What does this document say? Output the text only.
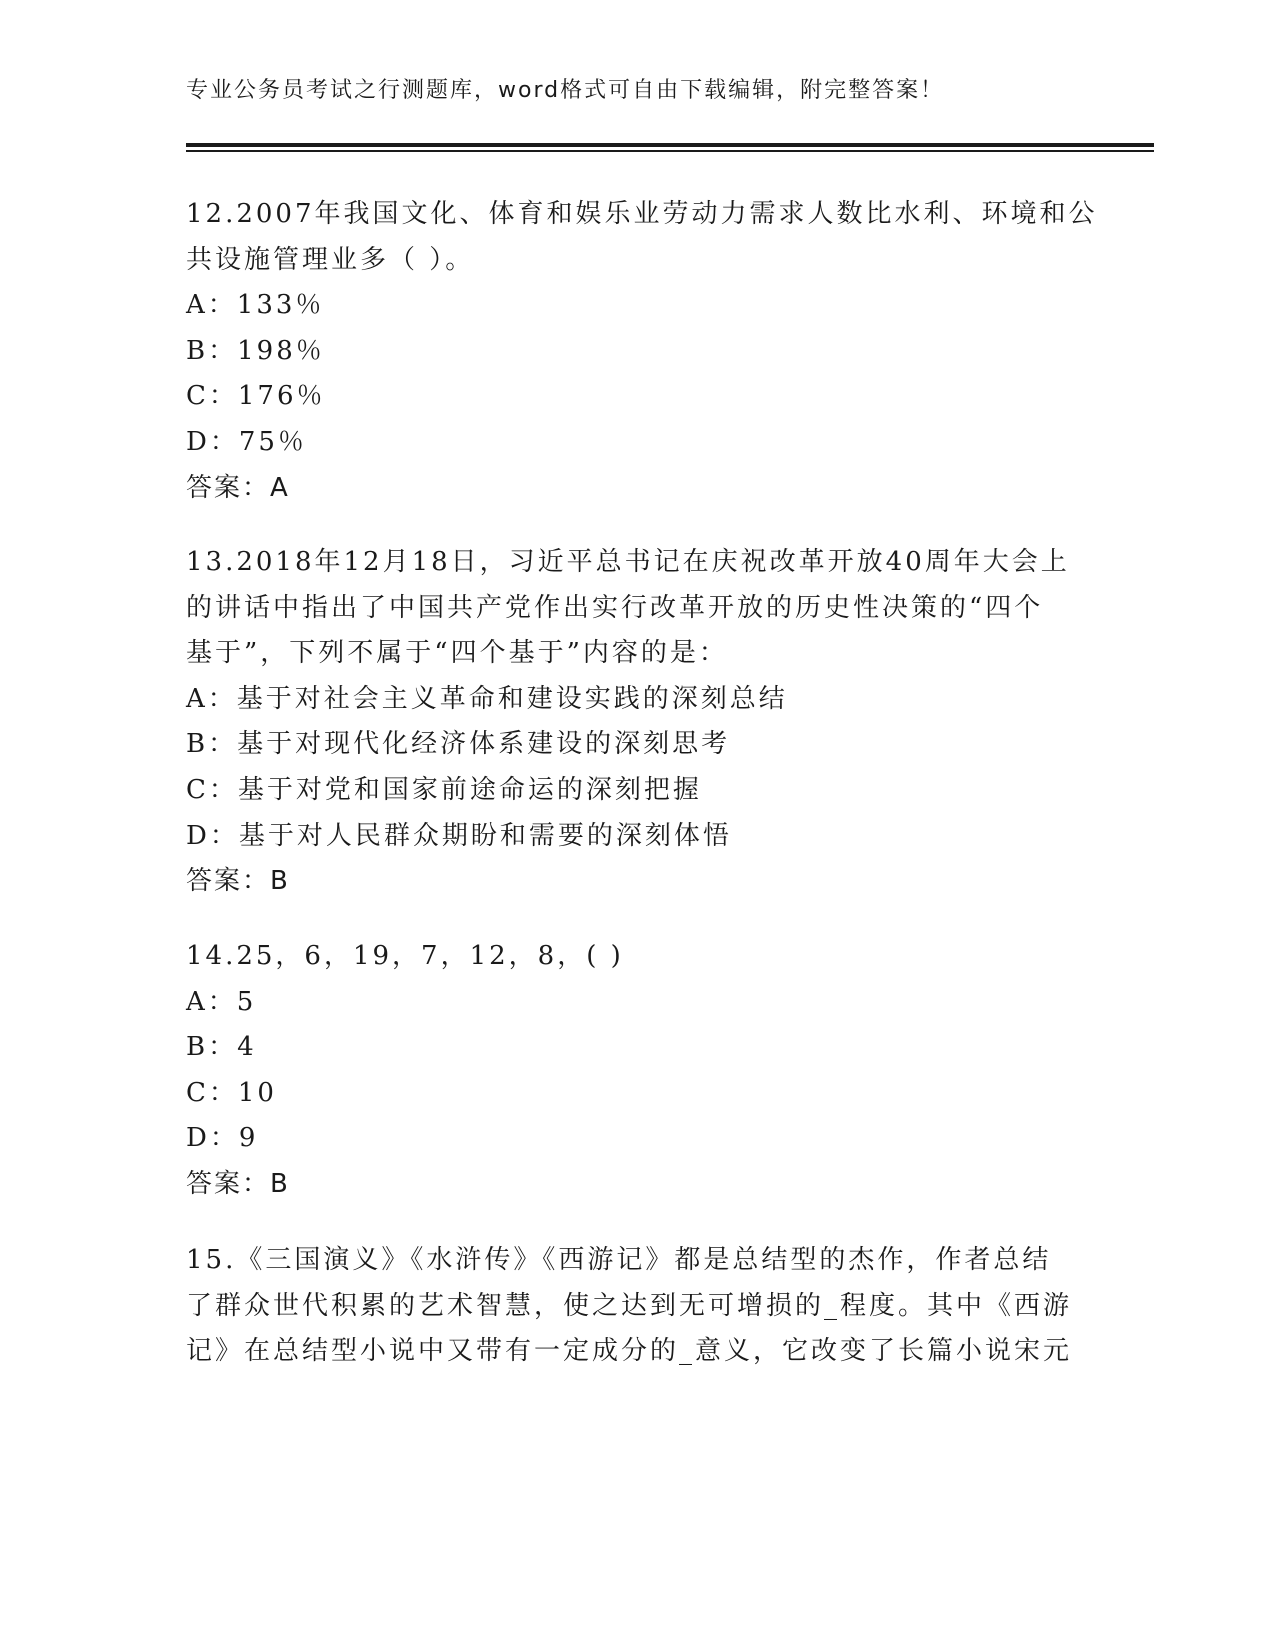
专业公务员考试之行测题库，word格式可自由下载编辑，附完整答案！
12.2007年我国文化、体育和娱乐业劳动力需求人数比水利、环境和公
共设施管理业多（ ）。
A：133％
B：198％
C：176％
D：75％
答案：A
13.2018年12月18日，习近平总书记在庆祝改革开放40周年大会上
的讲话中指出了中国共产党作出实行改革开放的历史性决策的“四个
基于”，下列不属于“四个基于”内容的是：
A：基于对社会主义革命和建设实践的深刻总结
B：基于对现代化经济体系建设的深刻思考
C：基于对党和国家前途命运的深刻把握
D：基于对人民群众期盼和需要的深刻体悟
答案：B
14.25，6，19，7，12，8，( )
A：5
B：4
C：10
D：9
答案：B
15.《三国演义》《水浒传》《西游记》都是总结型的杰作，作者总结
了群众世代积累的艺术智慧，使之达到无可增损的_程度。其中《西游
记》在总结型小说中又带有一定成分的_意义，它改变了长篇小说宋元
